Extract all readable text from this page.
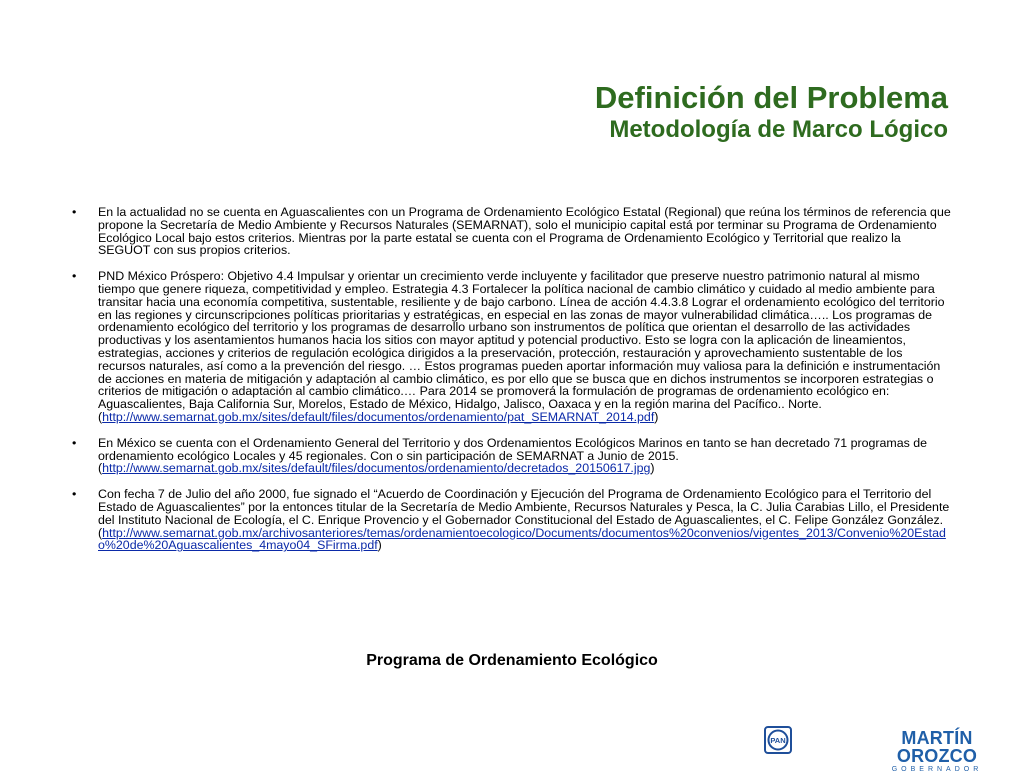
Definición del Problema
Metodología de Marco Lógico
• En la actualidad no se cuenta en Aguascalientes con un Programa de Ordenamiento Ecológico Estatal (Regional) que reúna los términos de referencia que propone la Secretaría de Medio Ambiente y Recursos Naturales (SEMARNAT), solo el municipio capital está por terminar su Programa de Ordenamiento Ecológico Local bajo estos criterios. Mientras por la parte estatal se cuenta con el Programa de Ordenamiento Ecológico y Territorial que realizo la SEGUOT con sus propios criterios.
• PND México Próspero: Objetivo 4.4 Impulsar y orientar un crecimiento verde incluyente y facilitador que preserve nuestro patrimonio natural al mismo tiempo que genere riqueza, competitividad y empleo. Estrategia 4.3 Fortalecer la política nacional de cambio climático y cuidado al medio ambiente para transitar hacia una economía competitiva, sustentable, resiliente y de bajo carbono. Línea de acción 4.4.3.8 Lograr el ordenamiento ecológico del territorio en las regiones y circunscripciones políticas prioritarias y estratégicas, en especial en las zonas de mayor vulnerabilidad climática….. Los programas de ordenamiento ecológico del territorio y los programas de desarrollo urbano son instrumentos de política que orientan el desarrollo de las actividades productivas y los asentamientos humanos hacia los sitios con mayor aptitud y potencial productivo. Esto se logra con la aplicación de lineamientos, estrategias, acciones y criterios de regulación ecológica dirigidos a la preservación, protección, restauración y aprovechamiento sustentable de los recursos naturales, así como a la prevención del riesgo. … Estos programas pueden aportar información muy valiosa para la definición e instrumentación de acciones en materia de mitigación y adaptación al cambio climático, es por ello que se busca que en dichos instrumentos se incorporen estrategias o criterios de mitigación o adaptación al cambio climático.… Para 2014 se promoverá la formulación de programas de ordenamiento ecológico en: Aguascalientes, Baja California Sur, Morelos, Estado de México, Hidalgo, Jalisco, Oaxaca y en la región marina del Pacífico.. Norte.(http://www.semarnat.gob.mx/sites/default/files/documentos/ordenamiento/pat_SEMARNAT_2014.pdf)
• En México se cuenta con el Ordenamiento General del Territorio y dos Ordenamientos Ecológicos Marinos en tanto se han decretado 71 programas de ordenamiento ecológico Locales y 45 regionales. Con o sin participación de SEMARNAT a Junio de 2015. (http://www.semarnat.gob.mx/sites/default/files/documentos/ordenamiento/decretados_20150617.jpg)
• Con fecha 7 de Julio del año 2000, fue signado el “Acuerdo de Coordinación y Ejecución del Programa de Ordenamiento Ecológico para el Territorio del Estado de Aguascalientes” por la entonces titular de la Secretaría de Medio Ambiente, Recursos Naturales y Pesca, la C. Julia Carabias Lillo, el Presidente del Instituto Nacional de Ecología, el C. Enrique Provencio y el Gobernador Constitucional del Estado de Aguascalientes, el C. Felipe González González. (http://www.semarnat.gob.mx/archivosanteriores/temas/ordenamientoecologico/Documents/documentos%20convenios/vigentes_2013/Convenio%20Estado%20de%20Aguascalientes_4mayo04_SFirma.pdf)
Programa de Ordenamiento Ecológico
PAN	MARTÍN OROZCO
GOBERNADOR
